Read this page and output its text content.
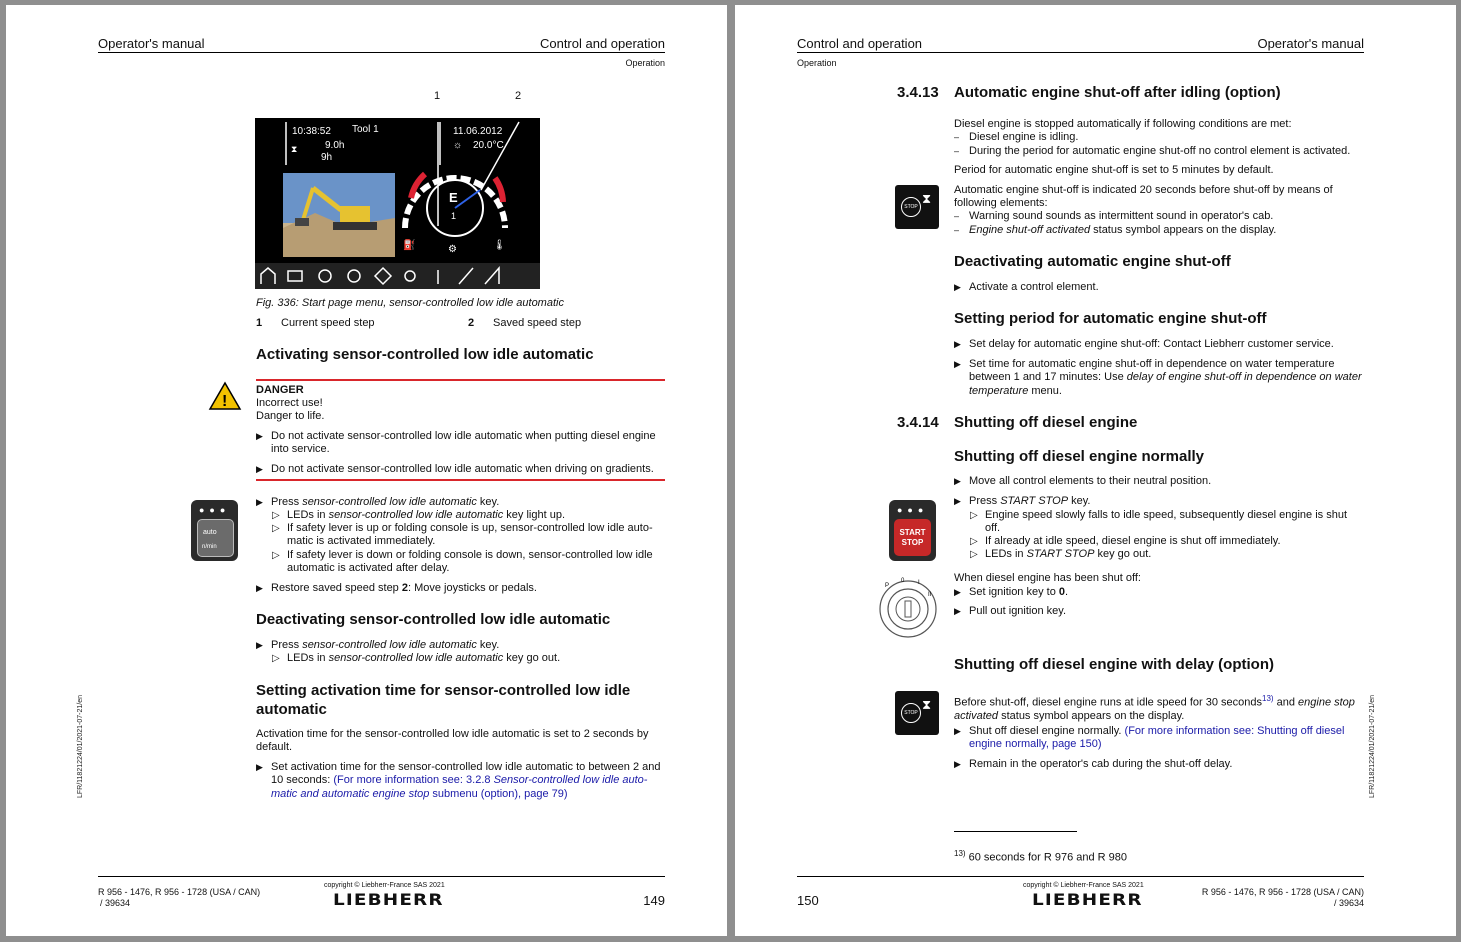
Operator's manual	Control and operation
Operation
1	2
10:38:52 Tool 1	11.06.2012
⧗	9.0h
9h
☼ 20.0°C
E
1
⛽	⚙	🌡
Fig. 336: Start page menu, sensor-controlled low idle automatic
1 Current speed step	2 Saved speed step
Activating sensor-controlled low idle automatic
!
DANGER
Incorrect use!
Danger to life.
▶ Do not activate sensor-controlled low idle automatic when putting diesel engine into service.
▶ Do not activate sensor-controlled low idle automatic when driving on gradients.
●●●
auto
n/min
▶ Press sensor-controlled low idle automatic key.
▷ LEDs in sensor-controlled low idle automatic key light up.
▷ If safety lever is up or folding console is up, sensor-controlled low idle auto-matic is activated immediately.
▷ If safety lever is down or folding console is down, sensor-controlled low idle automatic is activated after delay.
▶ Restore saved speed step 2: Move joysticks or pedals.
Deactivating sensor-controlled low idle automatic
▶ Press sensor-controlled low idle automatic key.
▷ LEDs in sensor-controlled low idle automatic key go out.
Setting activation time for sensor-controlled low idle
automatic
Activation time for the sensor-controlled low idle automatic is set to 2 seconds by default.
▶ Set activation time for the sensor-controlled low idle automatic to between 2 and 10 seconds: (For more information see: 3.2.8 Sensor-controlled low idle auto-matic and automatic engine stop submenu (option), page 79)
LFR/11821224/01/2021-07-21/en
R 956 - 1476, R 956 - 1728 (USA / CAN)
/ 39634
copyright © Liebherr-France SAS 2021
LIEBHERR	149
Control and operation	Operator's manual
Operation
3.4.13 Automatic engine shut-off after idling (option)
Diesel engine is stopped automatically if following conditions are met:
– Diesel engine is idling.
– During the period for automatic engine shut-off no control element is activated.
Period for automatic engine shut-off is set to 5 minutes by default.
STOP
⧗
Automatic engine shut-off is indicated 20 seconds before shut-off by means of following elements:
– Warning sound sounds as intermittent sound in operator's cab.
– Engine shut-off activated status symbol appears on the display.
Deactivating automatic engine shut-off
▶ Activate a control element.
Setting period for automatic engine shut-off
▶ Set delay for automatic engine shut-off: Contact Liebherr customer service.
▶ Set time for automatic engine shut-off in dependence on water temperature between 1 and 17 minutes: Use delay of engine shut-off in dependence on water temperature menu.
3.4.14 Shutting off diesel engine
Shutting off diesel engine normally
▶ Move all control elements to their neutral position.
●●●
START
STOP
▶ Press START STOP key.
▷ Engine speed slowly falls to idle speed, subsequently diesel engine is shut off.
▷ If already at idle speed, diesel engine is shut off immediately.
▷ LEDs in START STOP key go out.
P
0 I
II
When diesel engine has been shut off:
▶ Set ignition key to 0.
▶ Pull out ignition key.
Shutting off diesel engine with delay (option)
STOP
⧗ Before shut-off, diesel engine runs at idle speed for 30 seconds$^{13)}$ and engine stop activated status symbol appears on the display.
▶ Shut off diesel engine normally. (For more information see: Shutting off diesel engine normally, page 150)
▶ Remain in the operator's cab during the shut-off delay.
$^{13)}$ 60 seconds for R 976 and R 980
LFR/11821224/01/2021-07-21/en
150
copyright © Liebherr-France SAS 2021
LIEBHERR	R 956 - 1476, R 956 - 1728 (USA / CAN)
/ 39634
